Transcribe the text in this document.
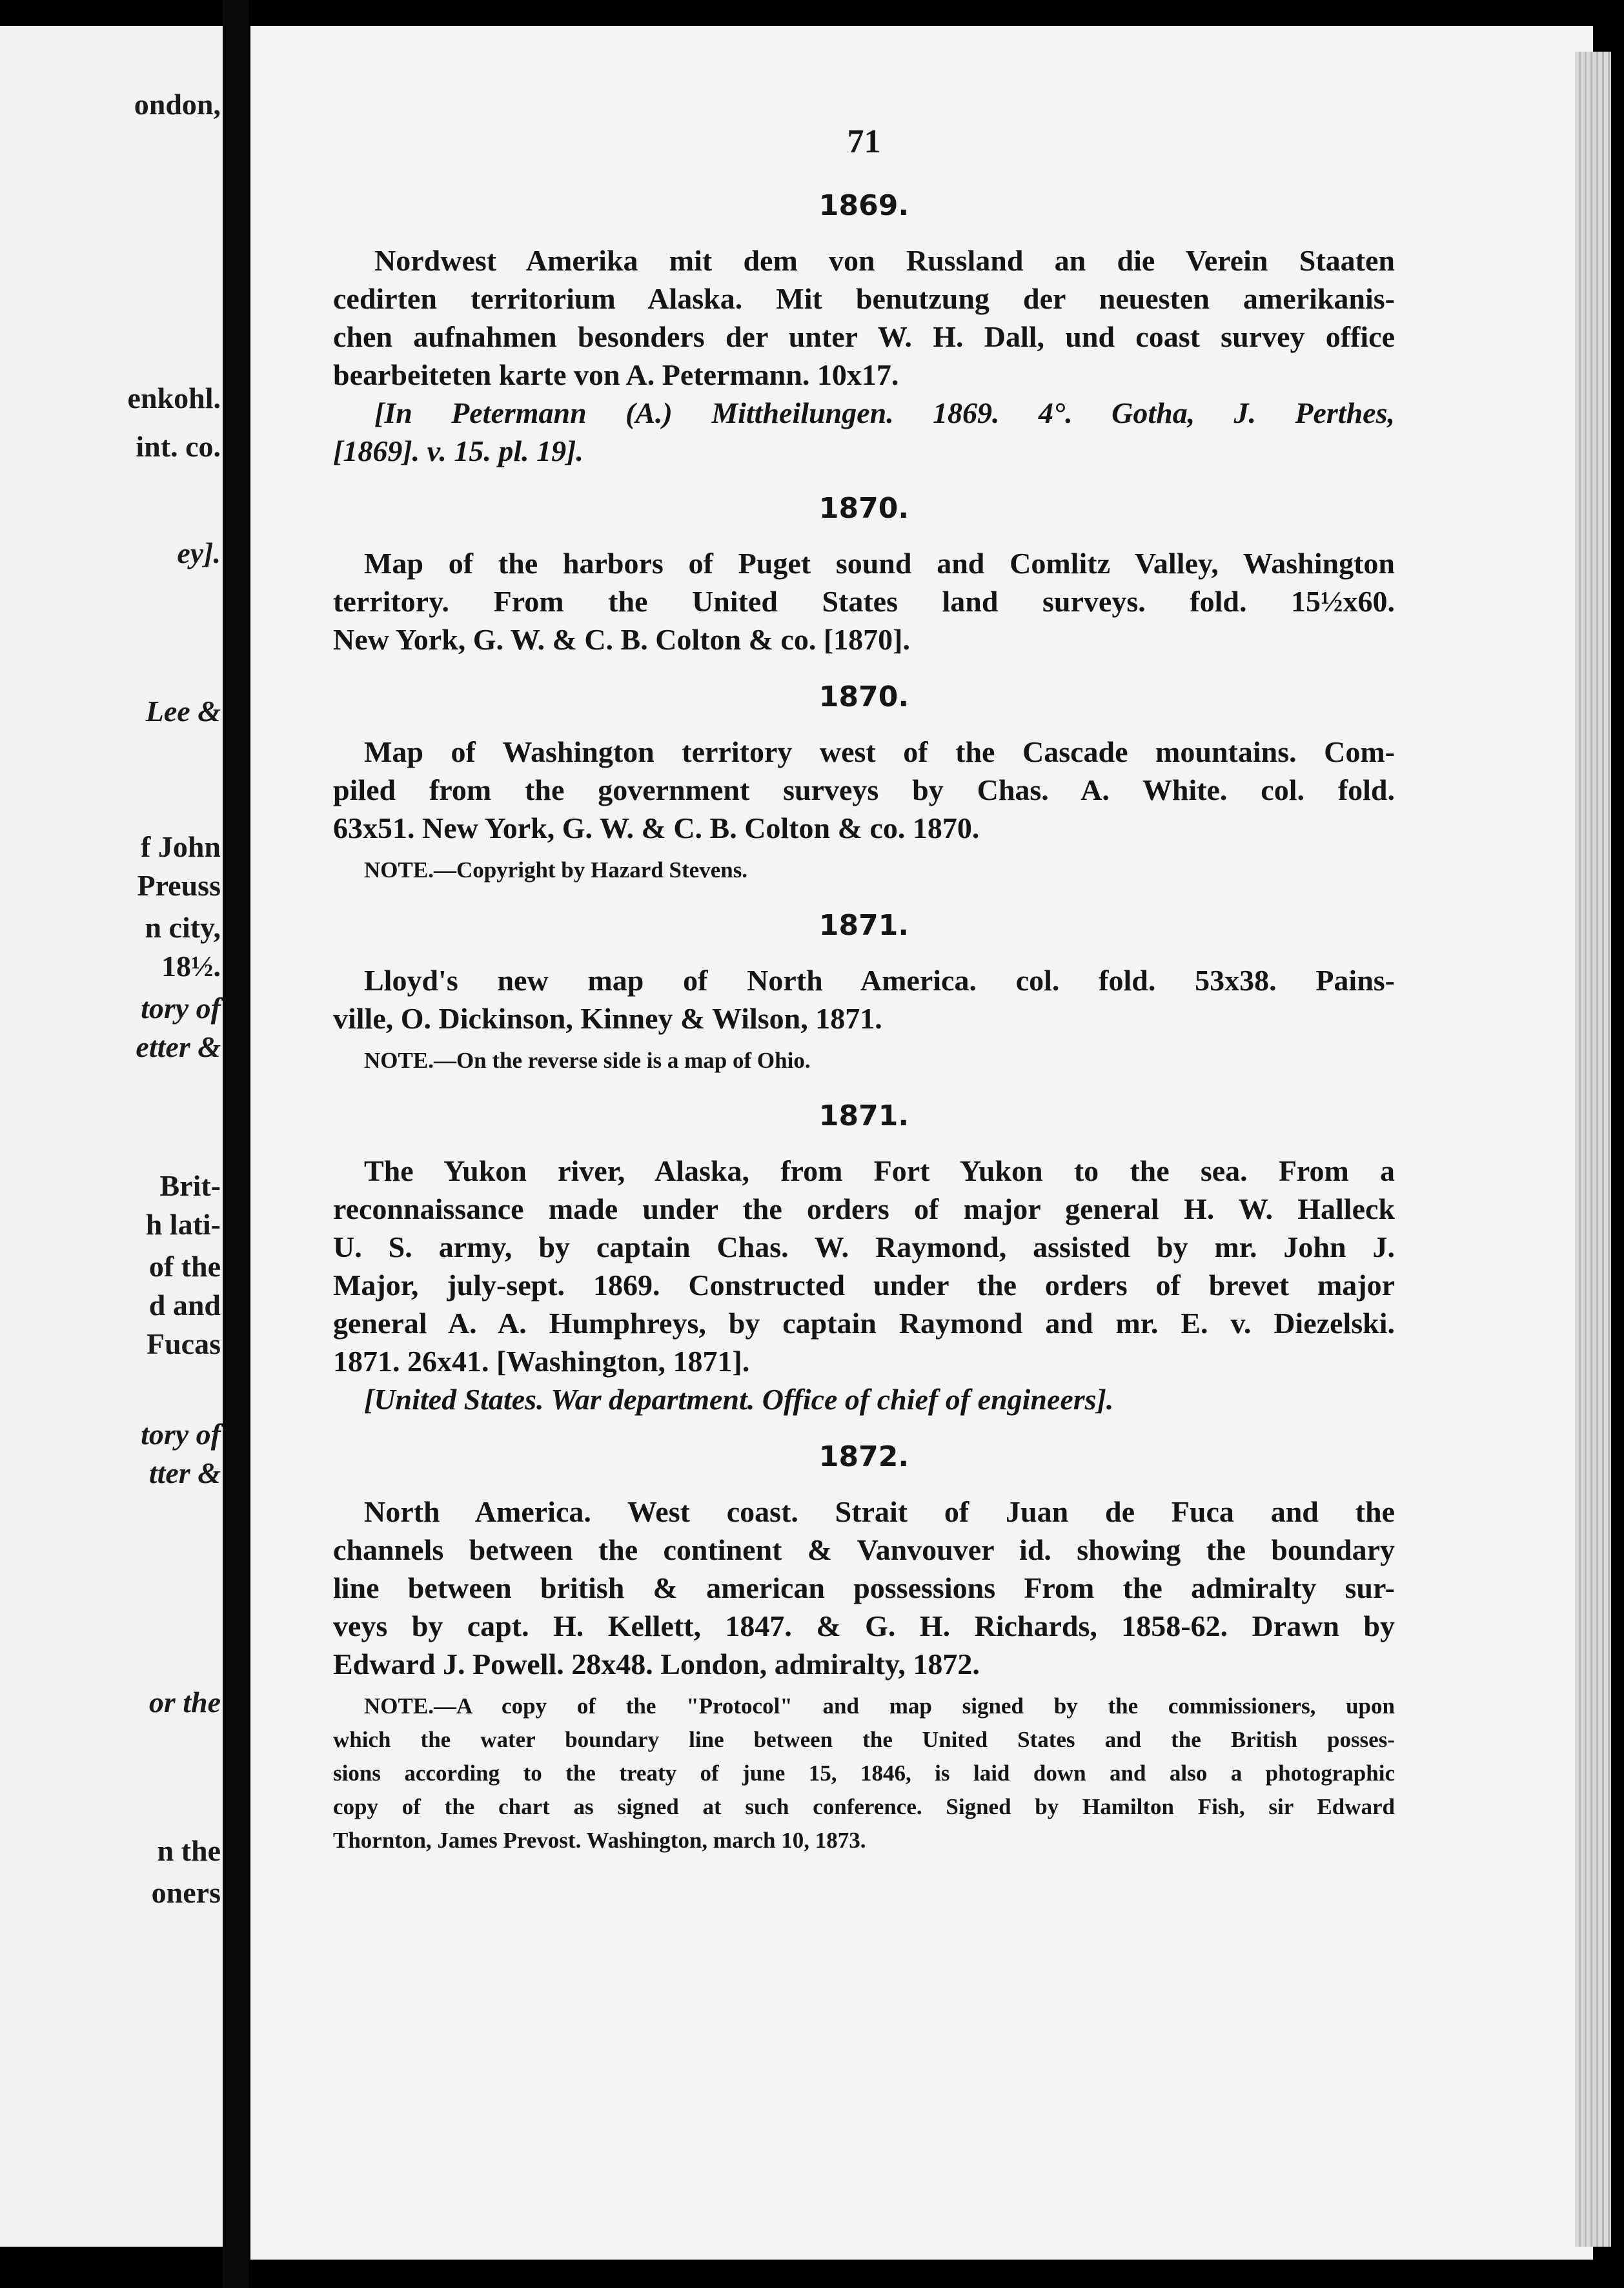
ondon,
enkohl.
int. co.
ey].
Lee &
f John
Preuss
n city,
18½.
tory of
etter &
Brit-
h lati-
of the
d and
Fucas
tory of
tter &
or the
n the
oners
71
1869.
Nordwest Amerika mit dem von Russland an die Verein Staaten
cedirten territorium Alaska. Mit benutzung der neuesten amerikanis-
chen aufnahmen besonders der unter W. H. Dall, und coast survey office
bearbeiteten karte von A. Petermann. 10x17.
[In Petermann (A.) Mittheilungen. 1869. 4°. Gotha, J. Perthes,
[1869]. v. 15. pl. 19].
1870.
Map of the harbors of Puget sound and Comlitz Valley, Washington
territory. From the United States land surveys. fold. 15½x60.
New York, G. W. & C. B. Colton & co. [1870].
1870.
Map of Washington territory west of the Cascade mountains. Com-
piled from the government surveys by Chas. A. White. col. fold.
63x51. New York, G. W. & C. B. Colton & co. 1870.
NOTE.—Copyright by Hazard Stevens.
1871.
Lloyd's new map of North America. col. fold. 53x38. Pains-
ville, O. Dickinson, Kinney & Wilson, 1871.
NOTE.—On the reverse side is a map of Ohio.
1871.
The Yukon river, Alaska, from Fort Yukon to the sea. From a
reconnaissance made under the orders of major general H. W. Halleck
U. S. army, by captain Chas. W. Raymond, assisted by mr. John J.
Major, july-sept. 1869. Constructed under the orders of brevet major
general A. A. Humphreys, by captain Raymond and mr. E. v. Diezelski.
1871. 26x41. [Washington, 1871].
[United States. War department. Office of chief of engineers].
1872.
North America. West coast. Strait of Juan de Fuca and the
channels between the continent & Vanvouver id. showing the boundary
line between british & american possessions From the admiralty sur-
veys by capt. H. Kellett, 1847. & G. H. Richards, 1858-62. Drawn by
Edward J. Powell. 28x48. London, admiralty, 1872.
NOTE.—A copy of the "Protocol" and map signed by the commissioners, upon
which the water boundary line between the United States and the British posses-
sions according to the treaty of june 15, 1846, is laid down and also a photographic
copy of the chart as signed at such conference. Signed by Hamilton Fish, sir Edward
Thornton, James Prevost. Washington, march 10, 1873.
